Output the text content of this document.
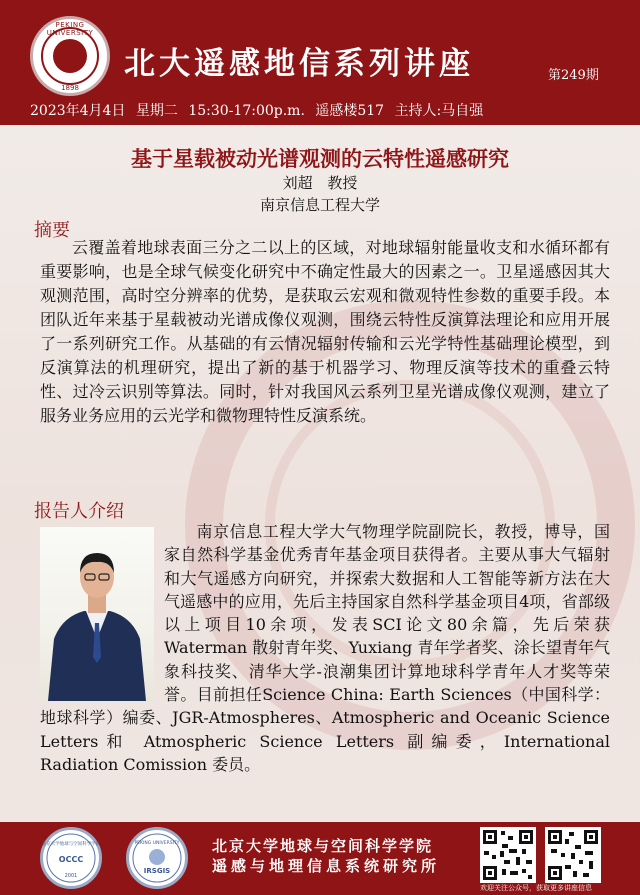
PEKING UNIVERSITY
1898
北大遥感地信系列讲座	第249期
2023年4月4日 星期二 15:30-17:00p.m. 遥感楼517 主持人:马自强
基于星载被动光谱观测的云特性遥感研究
刘超 教授
南京信息工程大学
摘要

云覆盖着地球表面三分之二以上的区域，对地球辐射能量收支和水循环都有重要影响，也是全球气候变化研究中不确定性最大的因素之一。卫星遥感因其大观测范围，高时空分辨率的优势，是获取云宏观和微观特性参数的重要手段。本团队近年来基于星载被动光谱成像仪观测，围绕云特性反演算法理论和应用开展了一系列研究工作。从基础的有云情况辐射传输和云光学特性基础理论模型，到反演算法的机理研究，提出了新的基于机器学习、物理反演等技术的重叠云特性、过冷云识别等算法。同时，针对我国风云系列卫星光谱成像仪观测，建立了服务业务应用的云光学和微物理特性反演系统。

报告人介绍

南京信息工程大学大气物理学院副院长，教授，博导，国家自然科学基金优秀青年基金项目获得者。主要从事大气辐射和大气遥感方向研究，并探索大数据和人工智能等新方法在大气遥感中的应用，先后主持国家自然科学基金项目4项，省部级以上项目10余项，发表SCI论文80余篇，先后荣获 Waterman 散射青年奖、Yuxiang 青年学者奖、涂长望青年气象科技奖、清华大学-浪潮集团计算地球科学青年人才奖等荣誉。目前担任Science China: Earth Sciences（中国科学：地球科学）编委、JGR-Atmospheres、Atmospheric and Oceanic Science Letters和 Atmospheric Science Letters 副编委，International Radiation Comission 委员。

北京大学地球与空间科学学院
OCCC
2001
PEKING UNIVERSITY
IRSGIS
北京大学地球与空间科学学院
遥感与地理信息系统研究所
欢迎关注公众号，获取更多讲座信息
